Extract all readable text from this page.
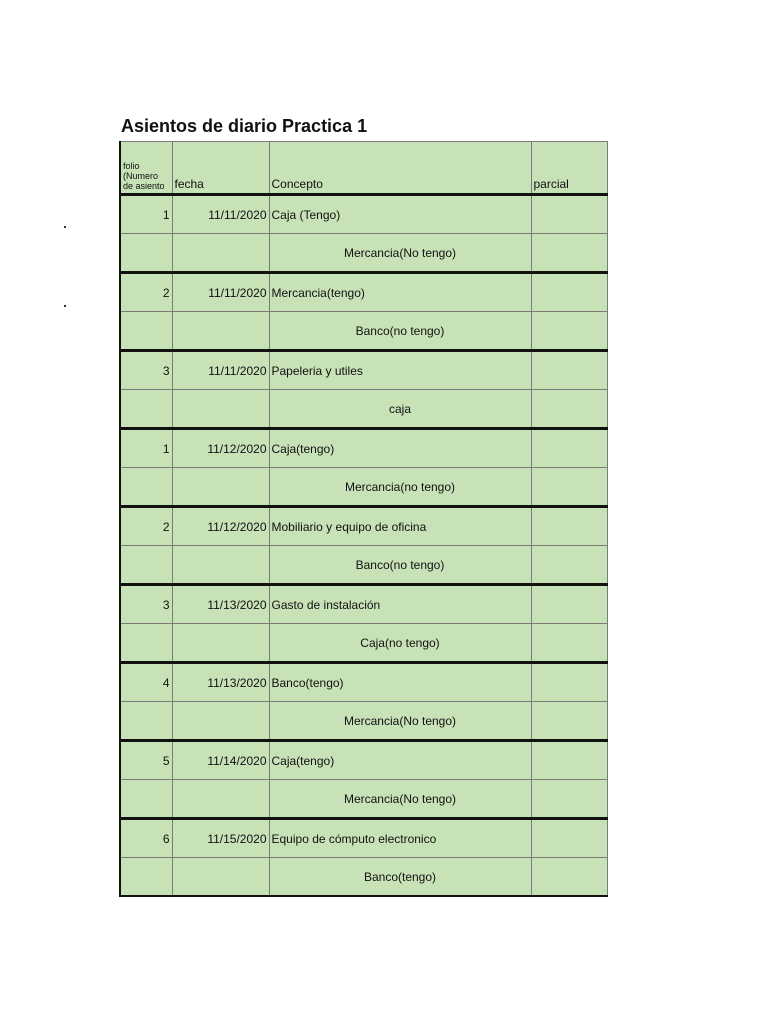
Asientos de diario Practica 1
folio (Numero de asiento	fecha	Concepto	parcial
1	11/11/2020	Caja (Tengo)	
		Mercancia(No tengo)	
2	11/11/2020	Mercancia(tengo)	
		Banco(no tengo)	
3	11/11/2020	Papeleria y utiles	
		caja	
1	11/12/2020	Caja(tengo)	
		Mercancia(no tengo)	
2	11/12/2020	Mobiliario y equipo de oficina	
		Banco(no tengo)	
3	11/13/2020	Gasto de instalación	
		Caja(no tengo)	
4	11/13/2020	Banco(tengo)	
		Mercancia(No tengo)	
5	11/14/2020	Caja(tengo)	
		Mercancia(No tengo)	
6	11/15/2020	Equipo de cómputo electronico	
		Banco(tengo)	
